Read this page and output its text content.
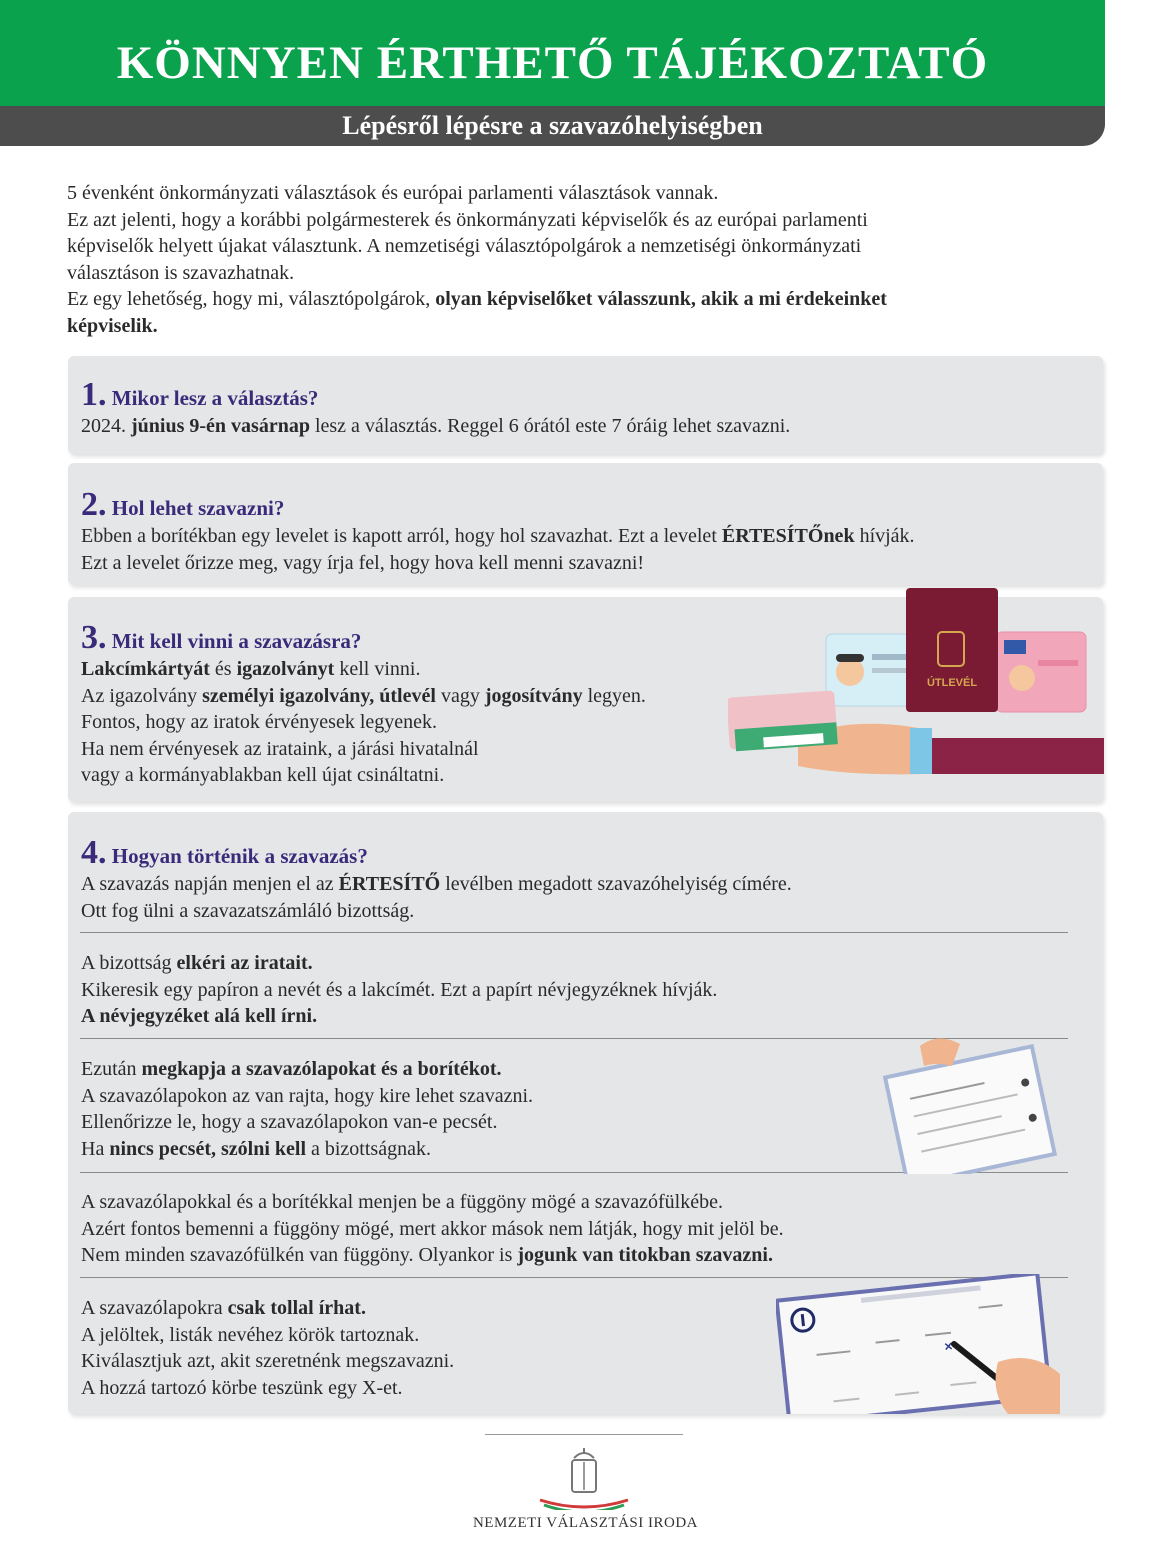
KÖNNYEN ÉRTHETŐ TÁJÉKOZTATÓ
Lépésről lépésre a szavazóhelyiségben

5 évenként önkormányzati választások és európai parlamenti választások vannak.

Ez azt jelenti, hogy a korábbi polgármesterek és önkormányzati képviselők és az európai parlamenti

képviselők helyett újakat választunk. A nemzetiségi választópolgárok a nemzetiségi önkormányzati

választáson is szavazhatnak.

Ez egy lehetőség, hogy mi, választópolgárok, olyan képviselőket válasszunk, akik a mi érdekeinket

képviselik.

1. Mikor lesz a választás?

2024. június 9-én vasárnap lesz a választás. Reggel 6 órától este 7 óráig lehet szavazni.

2. Hol lehet szavazni?

Ebben a borítékban egy levelet is kapott arról, hogy hol szavazhat. Ezt a levelet ÉRTESÍTŐnek hívják.

Ezt a levelet őrizze meg, vagy írja fel, hogy hova kell menni szavazni!

3. Mit kell vinni a szavazásra?

Lakcímkártyát és igazolványt kell vinni.

Az igazolvány személyi igazolvány, útlevél vagy jogosítvány legyen.

Fontos, hogy az iratok érvényesek legyenek.

Ha nem érvényesek az irataink, a járási hivatalnál

vagy a kormányablakban kell újat csináltatni.

ÚTLEVÉL
4. Hogyan történik a szavazás?

A szavazás napján menjen el az ÉRTESÍTŐ levélben megadott szavazóhelyiség címére.

Ott fog ülni a szavazatszámláló bizottság.

A bizottság elkéri az iratait.

Kikeresik egy papíron a nevét és a lakcímét. Ezt a papírt névjegyzéknek hívják.

A névjegyzéket alá kell írni.

Ezután megkapja a szavazólapokat és a borítékot.

A szavazólapokon az van rajta, hogy kire lehet szavazni.

Ellenőrizze le, hogy a szavazólapokon van-e pecsét.

Ha nincs pecsét, szólni kell a bizottságnak.

A szavazólapokkal és a borítékkal menjen be a függöny mögé a szavazófülkébe.

Azért fontos bemenni a függöny mögé, mert akkor mások nem látják, hogy mit jelöl be.

Nem minden szavazófülkén van függöny. Olyankor is jogunk van titokban szavazni.

A szavazólapokra csak tollal írhat.

A jelöltek, listák nevéhez körök tartoznak.

Kiválasztjuk azt, akit szeretnénk megszavazni.

A hozzá tartozó körbe teszünk egy X-et.

×
NEMZETI VÁLASZTÁSI IRODA
